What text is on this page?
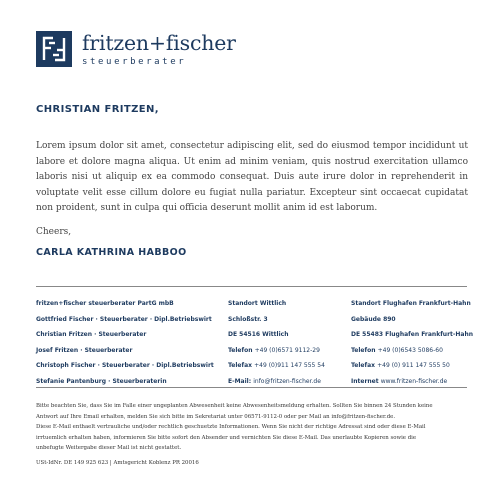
fritzen+fischer
steuerberater
CHRISTIAN FRITZEN,
Lorem ipsum dolor sit amet, consectetur adipiscing elit, sed do eiusmod tempor incididunt ut labore et dolore magna aliqua. Ut enim ad minim veniam, quis nostrud exercitation ullamco laboris nisi ut aliquip ex ea commodo consequat. Duis aute irure dolor in reprehenderit in voluptate velit esse cillum dolore eu fugiat nulla pariatur. Excepteur sint occaecat cupidatat non proident, sunt in culpa qui officia deserunt mollit anim id est laborum.
Cheers,
CARLA KATHRINA HABBOO
fritzen+fischer steuerberater PartG mbB
Gottfried Fischer · Steuerberater · Dipl.Betriebswirt
Christian Fritzen · Steuerberater
Josef Fritzen · Steuerberater
Christoph Fischer · Steuerberater · Dipl.Betriebswirt
Stefanie Pantenburg · Steuerberaterin
Standort Wittlich
Schloßstr. 3
DE 54516 Wittlich
Telefon +49 (0)6571 9112-29
Telefax +49 (0)911 147 555 54
E-Mail: info@fritzen-fischer.de
Standort Flughafen Frankfurt-Hahn
Gebäude 890
DE 55483 Flughafen Frankfurt-Hahn
Telefon +49 (0)6543 5086-60
Telefax +49 (0) 911 147 555 50
Internet www.fritzen-fischer.de
Bitte beachten Sie, dass Sie im Falle einer ungeplanten Abwesenheit keine Abwesenheitsmeldung erhalten. Sollten Sie binnen 24 Stunden keine
Antwort auf Ihre Email erhalten, melden Sie sich bitte im Sekretariat unter 06571-9112-0 oder per Mail an info@fritzen-fischer.de.
Diese E-Mail enthaelt vertrauliche und/oder rechtlich geschuetzte Informationen. Wenn Sie nicht der richtige Adressat sind oder diese E-Mail
irrtuemlich erhalten haben, informieren Sie bitte sofort den Absender und vernichten Sie diese E-Mail. Das unerlaubte Kopieren sowie die
unbefugte Weitergabe dieser Mail ist nicht gestattet.
USt-IdNr. DE 149 925 623 | Amtsgericht Koblenz PR 20016
